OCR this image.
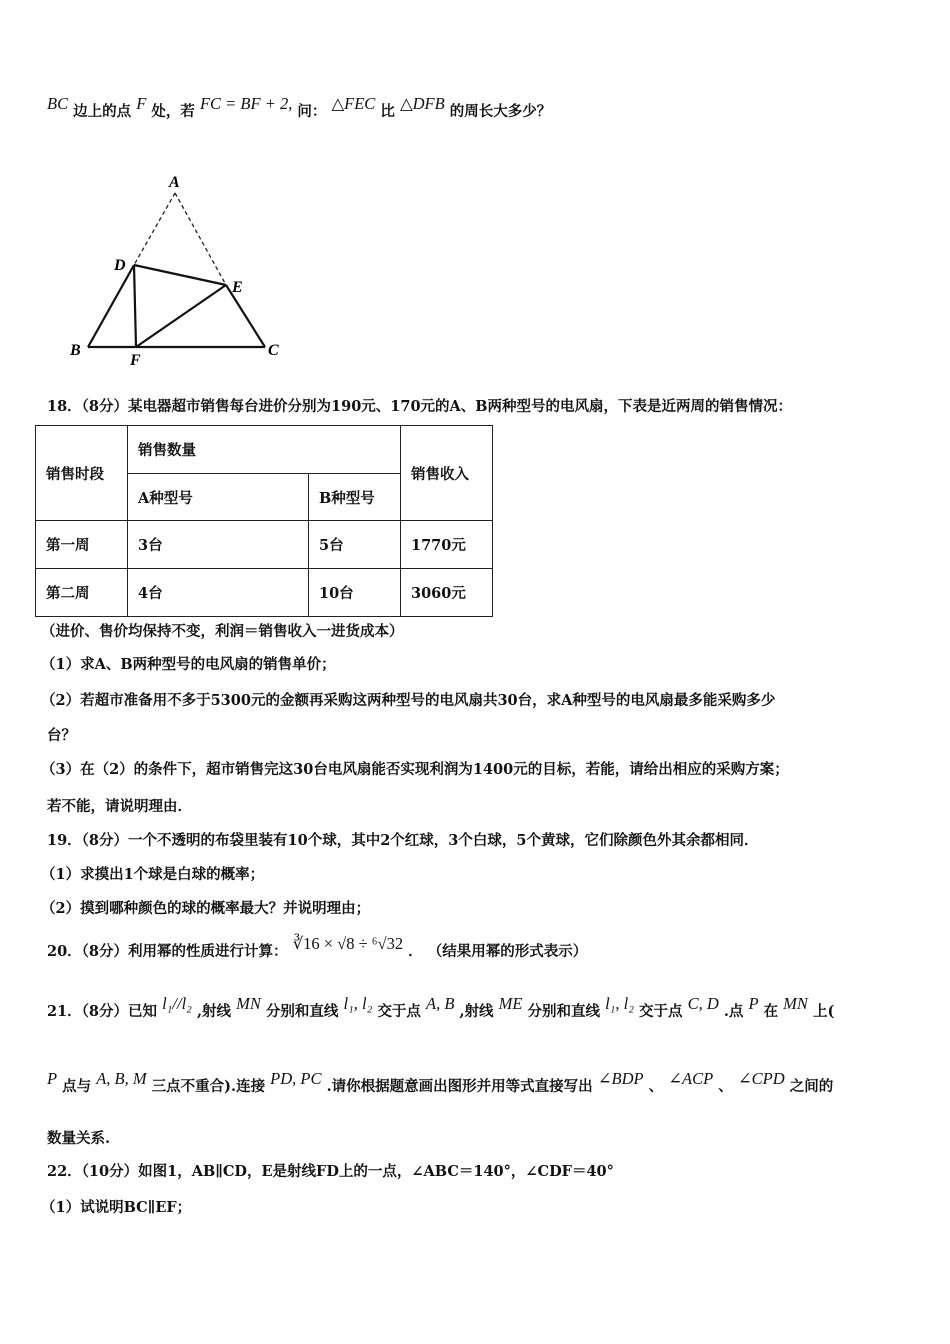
BC 边上的点 F 处，若 FC = BF + 2, 问： △FEC 比 △DFB 的周长大多少？
A
D
E
B
F
C
18．（8分）某电器超市销售每台进价分别为190元、170元的A、B两种型号的电风扇，下表是近两周的销售情况：
销售时段	销售数量		销售收入
	A种型号	B种型号	
第一周	3台	5台	1770元
第二周	4台	10台	3060元
（进价、售价均保持不变，利润＝销售收入一进货成本）
（1）求A、B两种型号的电风扇的销售单价；
（2）若超市准备用不多于5300元的金额再采购这两种型号的电风扇共30台，求A种型号的电风扇最多能采购多少
台？
（3）在（2）的条件下，超市销售完这30台电风扇能否实现利润为1400元的目标，若能，请给出相应的采购方案；
若不能，请说明理由．
19．（8分）一个不透明的布袋里装有10个球，其中2个红球，3个白球，5个黄球，它们除颜色外其余都相同．
（1）求摸出1个球是白球的概率；
（2）摸到哪种颜色的球的概率最大？并说明理由；
20．（8分）利用幂的性质进行计算： ∛16 × √8 ÷ ⁶√32 ． （结果用幂的形式表示）
21．（8分）已知 l₁//l₂ ,射线 MN 分别和直线 l₁, l₂ 交于点 A, B ,射线 ME 分别和直线 l₁, l₂ 交于点 C, D .点 P 在 MN 上(
P 点与 A, B, M 三点不重合).连接 PD, PC .请你根据题意画出图形并用等式直接写出 ∠BDP 、 ∠ACP 、 ∠CPD 之间的
数量关系.
22．（10分）如图1，AB∥CD，E是射线FD上的一点，∠ABC＝140°，∠CDF＝40°
（1）试说明BC∥EF；
